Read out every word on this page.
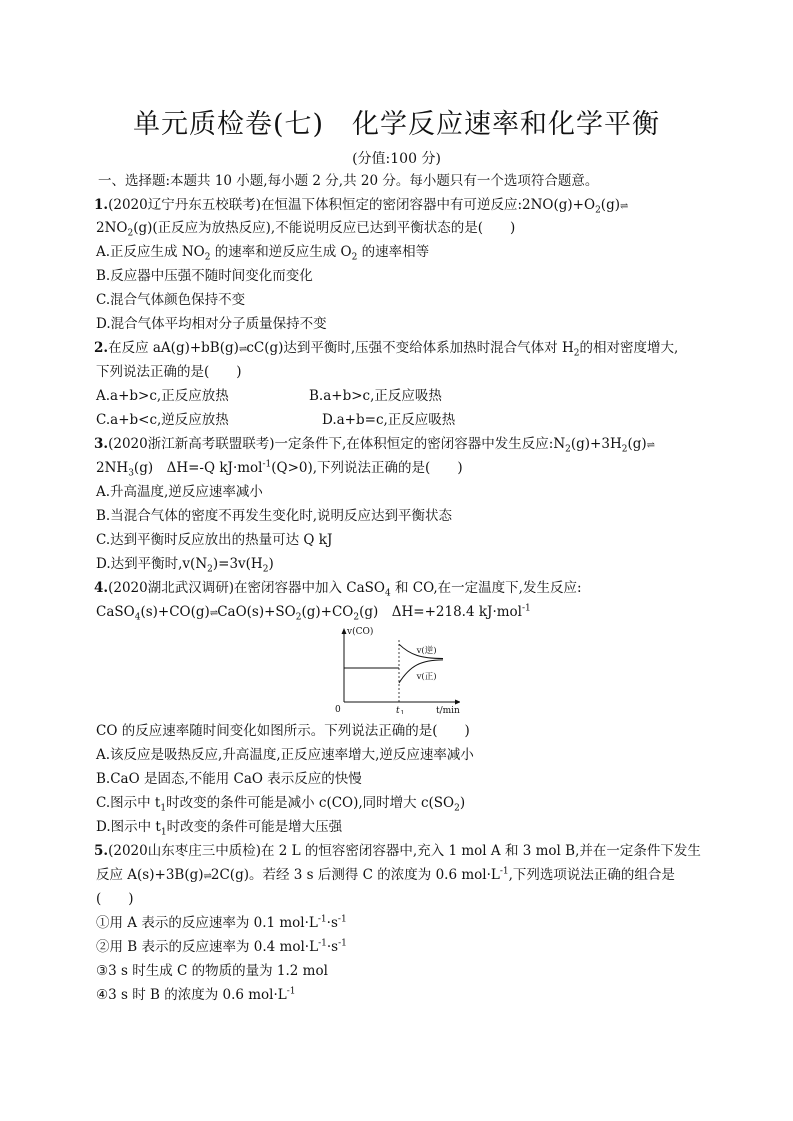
单元质检卷(七)　化学反应速率和化学平衡
(分值:100 分)
一、选择题:本题共 10 小题,每小题 2 分,共 20 分。每小题只有一个选项符合题意。
1.(2020辽宁丹东五校联考)在恒温下体积恒定的密闭容器中有可逆反应$:2NO(g)+O_2(g)\rightleftharpoons$
$2NO_2(g)$(正反应为放热反应),不能说明反应已达到平衡状态的是(　　)
A.正反应生成 $NO_2$ 的速率和逆反应生成 $O_2$ 的速率相等
B.反应器中压强不随时间变化而变化
C.混合气体颜色保持不变
D.混合气体平均相对分子质量保持不变
2.在反应 aA(g)+bB(g)⇌cC(g)达到平衡时,压强不变给体系加热时混合气体对 $H_2$的相对密度增大,
下列说法正确的是(　　)
A.a+b>c,正反应放热	B.a+b>c,正反应吸热
C.a+b<c,逆反应放热	D.a+b=c,正反应吸热
3.(2020浙江新高考联盟联考)一定条件下,在体积恒定的密闭容器中发生反应$:N_2(g)+3H_2(g)\rightleftharpoons$
$2NH_3(g)$　ΔH=-Q kJ·mol$^{-1}$(Q>0),下列说法正确的是(　　)
A.升高温度,逆反应速率减小
B.当混合气体的密度不再发生变化时,说明反应达到平衡状态
C.达到平衡时反应放出的热量可达 Q kJ
D.达到平衡时$,v(N_2)=3v(H_2)$
4.(2020湖北武汉调研)在密闭容器中加入 CaSO$_4$ 和 CO,在一定温度下,发生反应:
$CaSO_4(s)+CO(g)\rightleftharpoons CaO(s)+SO_2(g)+CO_2(g)$　ΔH=+218.4 kJ·mol$^{-1}$
v(CO)
t/min
0	t 1
v(逆)
v(正)
CO 的反应速率随时间变化如图所示。下列说法正确的是(　　)
A.该反应是吸热反应,升高温度,正反应速率增大,逆反应速率减小
B.CaO 是固态,不能用 CaO 表示反应的快慢
C.图示中 $t_1$时改变的条件可能是减小 c(CO),同时增大 $c(SO_2)$
D.图示中 $t_1$时改变的条件可能是增大压强
5.(2020山东枣庄三中质检)在 2 L 的恒容密闭容器中,充入 1 mol A 和 3 mol B,并在一定条件下发生
反应 A(s)+3B(g)⇌2C(g)。若经 3 s 后测得 C 的浓度为 0.6 $mol\cdot L^{-1}$,下列选项说法正确的组合是
(　　)
①用 A 表示的反应速率为 0.1 $mol\cdot L^{-1}\cdot s^{-1}$
②用 B 表示的反应速率为 0.4 $mol\cdot L^{-1}\cdot s^{-1}$
③3 s 时生成 C 的物质的量为 1.2 mol
④3 s 时 B 的浓度为 0.6 $mol\cdot L^{-1}$
